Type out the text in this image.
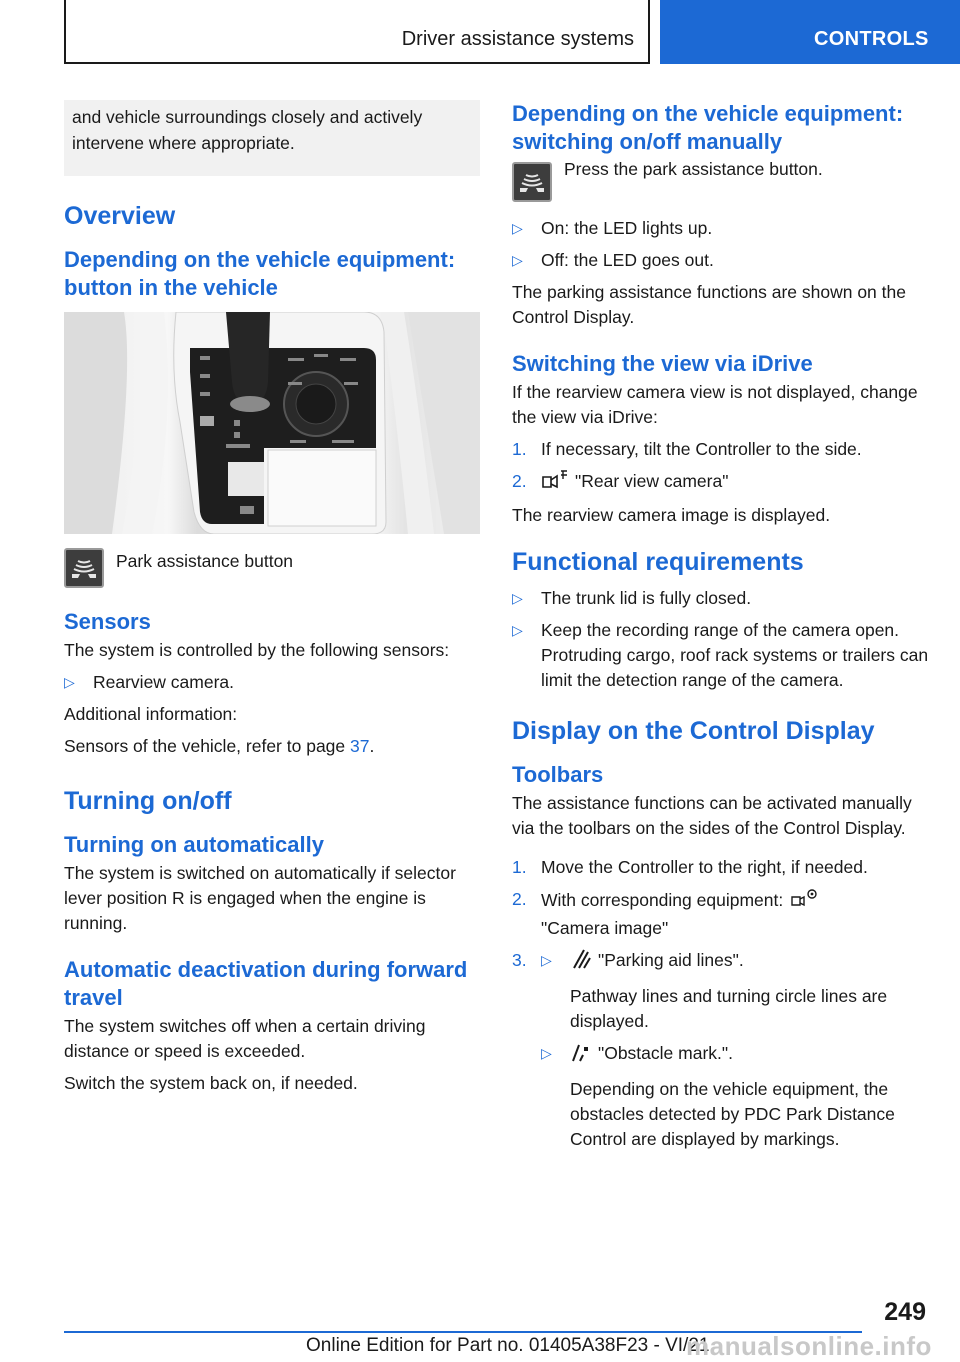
Driver assistance systems	CONTROLS
and vehicle surroundings closely and actively intervene where appropriate.
Overview
Depending on the vehicle equipment: button in the vehicle
Park assistance button
Sensors

The system is controlled by the following sensors:

▷	Rearview camera.

Additional information:

Sensors of the vehicle, refer to page 37.

Turning on/off
Turning on automatically

The system is switched on automatically if selector lever position R is engaged when the engine is running.

Automatic deactivation during forward travel

The system switches off when a certain driving distance or speed is exceeded.

Switch the system back on, if needed.

Depending on the vehicle equipment: switching on/off manually
Press the park assistance button.
▷	On: the LED lights up.
▷	Off: the LED goes out.

The parking assistance functions are shown on the Control Display.

Switching the view via iDrive

If the rearview camera view is not displayed, change the view via iDrive:

1. If necessary, tilt the Controller to the side.
2.	"Rear view camera"

The rearview camera image is displayed.

Functional requirements
▷	The trunk lid is fully closed.
▷	Keep the recording range of the camera open. Protruding cargo, roof rack systems or trailers can limit the detection range of the camera.
Display on the Control Display
Toolbars

The assistance functions can be activated manually via the toolbars on the sides of the Control Display.

1. Move the Controller to the right, if needed.
2. With corresponding equipment:
"Camera image"
3.	▷	"Parking aid lines".

Pathway lines and turning circle lines are displayed.

▷	"Obstacle mark.".

Depending on the vehicle equipment, the obstacles detected by PDC Park Distance Control are displayed by markings.

249
Online Edition for Part no. 01405A38F23 - VI/21
manualsonline.info
